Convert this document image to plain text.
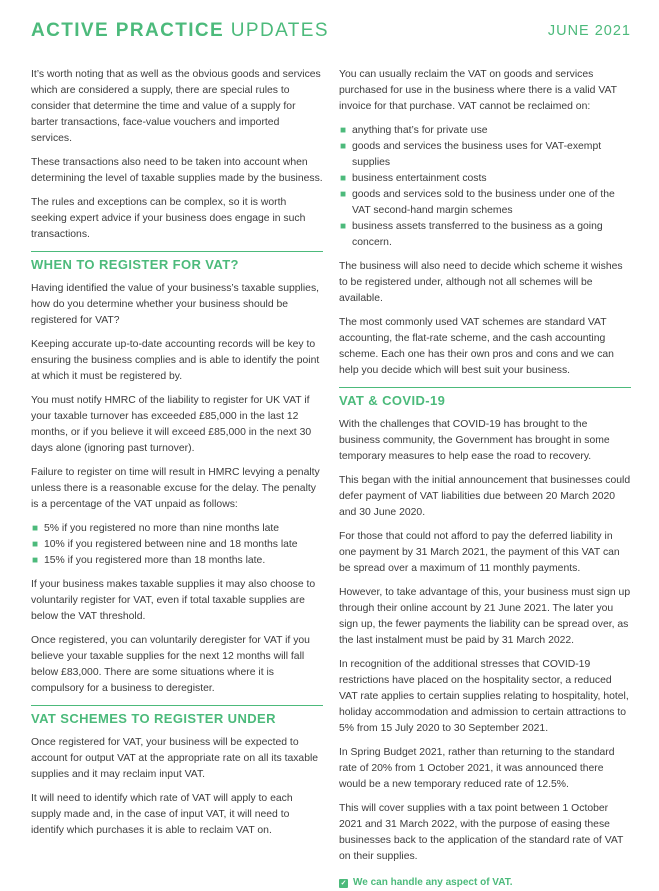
ACTIVE PRACTICE UPDATES	JUNE 2021

It’s worth noting that as well as the obvious goods and services which are considered a supply, there are special rules to consider that determine the time and value of a supply for barter transactions, face-value vouchers and imported services.

These transactions also need to be taken into account when determining the level of taxable supplies made by the business.

The rules and exceptions can be complex, so it is worth seeking expert advice if your business does engage in such transactions.

WHEN TO REGISTER FOR VAT?

Having identified the value of your business’s taxable supplies, how do you determine whether your business should be registered for VAT?

Keeping accurate up-to-date accounting records will be key to ensuring the business complies and is able to identify the point at which it must be registered by.

You must notify HMRC of the liability to register for UK VAT if your taxable turnover has exceeded £85,000 in the last 12 months, or if you believe it will exceed £85,000 in the next 30 days alone (ignoring past turnover).

Failure to register on time will result in HMRC levying a penalty unless there is a reasonable excuse for the delay. The penalty is a percentage of the VAT unpaid as follows:

■ 5% if you registered no more than nine months late
■ 10% if you registered between nine and 18 months late
■ 15% if you registered more than 18 months late.

If your business makes taxable supplies it may also choose to voluntarily register for VAT, even if total taxable supplies are below the VAT threshold.

Once registered, you can voluntarily deregister for VAT if you believe your taxable supplies for the next 12 months will fall below £83,000. There are some situations where it is compulsory for a business to deregister.

VAT SCHEMES TO REGISTER UNDER

Once registered for VAT, your business will be expected to account for output VAT at the appropriate rate on all its taxable supplies and it may reclaim input VAT.

It will need to identify which rate of VAT will apply to each supply made and, in the case of input VAT, it will need to identify which purchases it is able to reclaim VAT on.

You can usually reclaim the VAT on goods and services purchased for use in the business where there is a valid VAT invoice for that purchase. VAT cannot be reclaimed on:

■ anything that’s for private use
■ goods and services the business uses for VAT-exempt supplies
■ business entertainment costs
■ goods and services sold to the business under one of the VAT second-hand margin schemes
■ business assets transferred to the business as a going concern.

The business will also need to decide which scheme it wishes to be registered under, although not all schemes will be available.

The most commonly used VAT schemes are standard VAT accounting, the flat-rate scheme, and the cash accounting scheme. Each one has their own pros and cons and we can help you decide which will best suit your business.

VAT & COVID-19

With the challenges that COVID-19 has brought to the business community, the Government has brought in some temporary measures to help ease the road to recovery.

This began with the initial announcement that businesses could defer payment of VAT liabilities due between 20 March 2020 and 30 June 2020.

For those that could not afford to pay the deferred liability in one payment by 31 March 2021, the payment of this VAT can be spread over a maximum of 11 monthly payments.

However, to take advantage of this, your business must sign up through their online account by 21 June 2021. The later you sign up, the fewer payments the liability can be spread over, as the last instalment must be paid by 31 March 2022.

In recognition of the additional stresses that COVID-19 restrictions have placed on the hospitality sector, a reduced VAT rate applies to certain supplies relating to hospitality, hotel, holiday accommodation and admission to certain attractions to 5% from 15 July 2020 to 30 September 2021.

In Spring Budget 2021, rather than returning to the standard rate of 20% from 1 October 2021, it was announced there would be a new temporary reduced rate of 12.5%.

This will cover supplies with a tax point between 1 October 2021 and 31 March 2022, with the purpose of easing these businesses back to the application of the standard rate of VAT on their supplies.

✓ We can handle any aspect of VAT.
